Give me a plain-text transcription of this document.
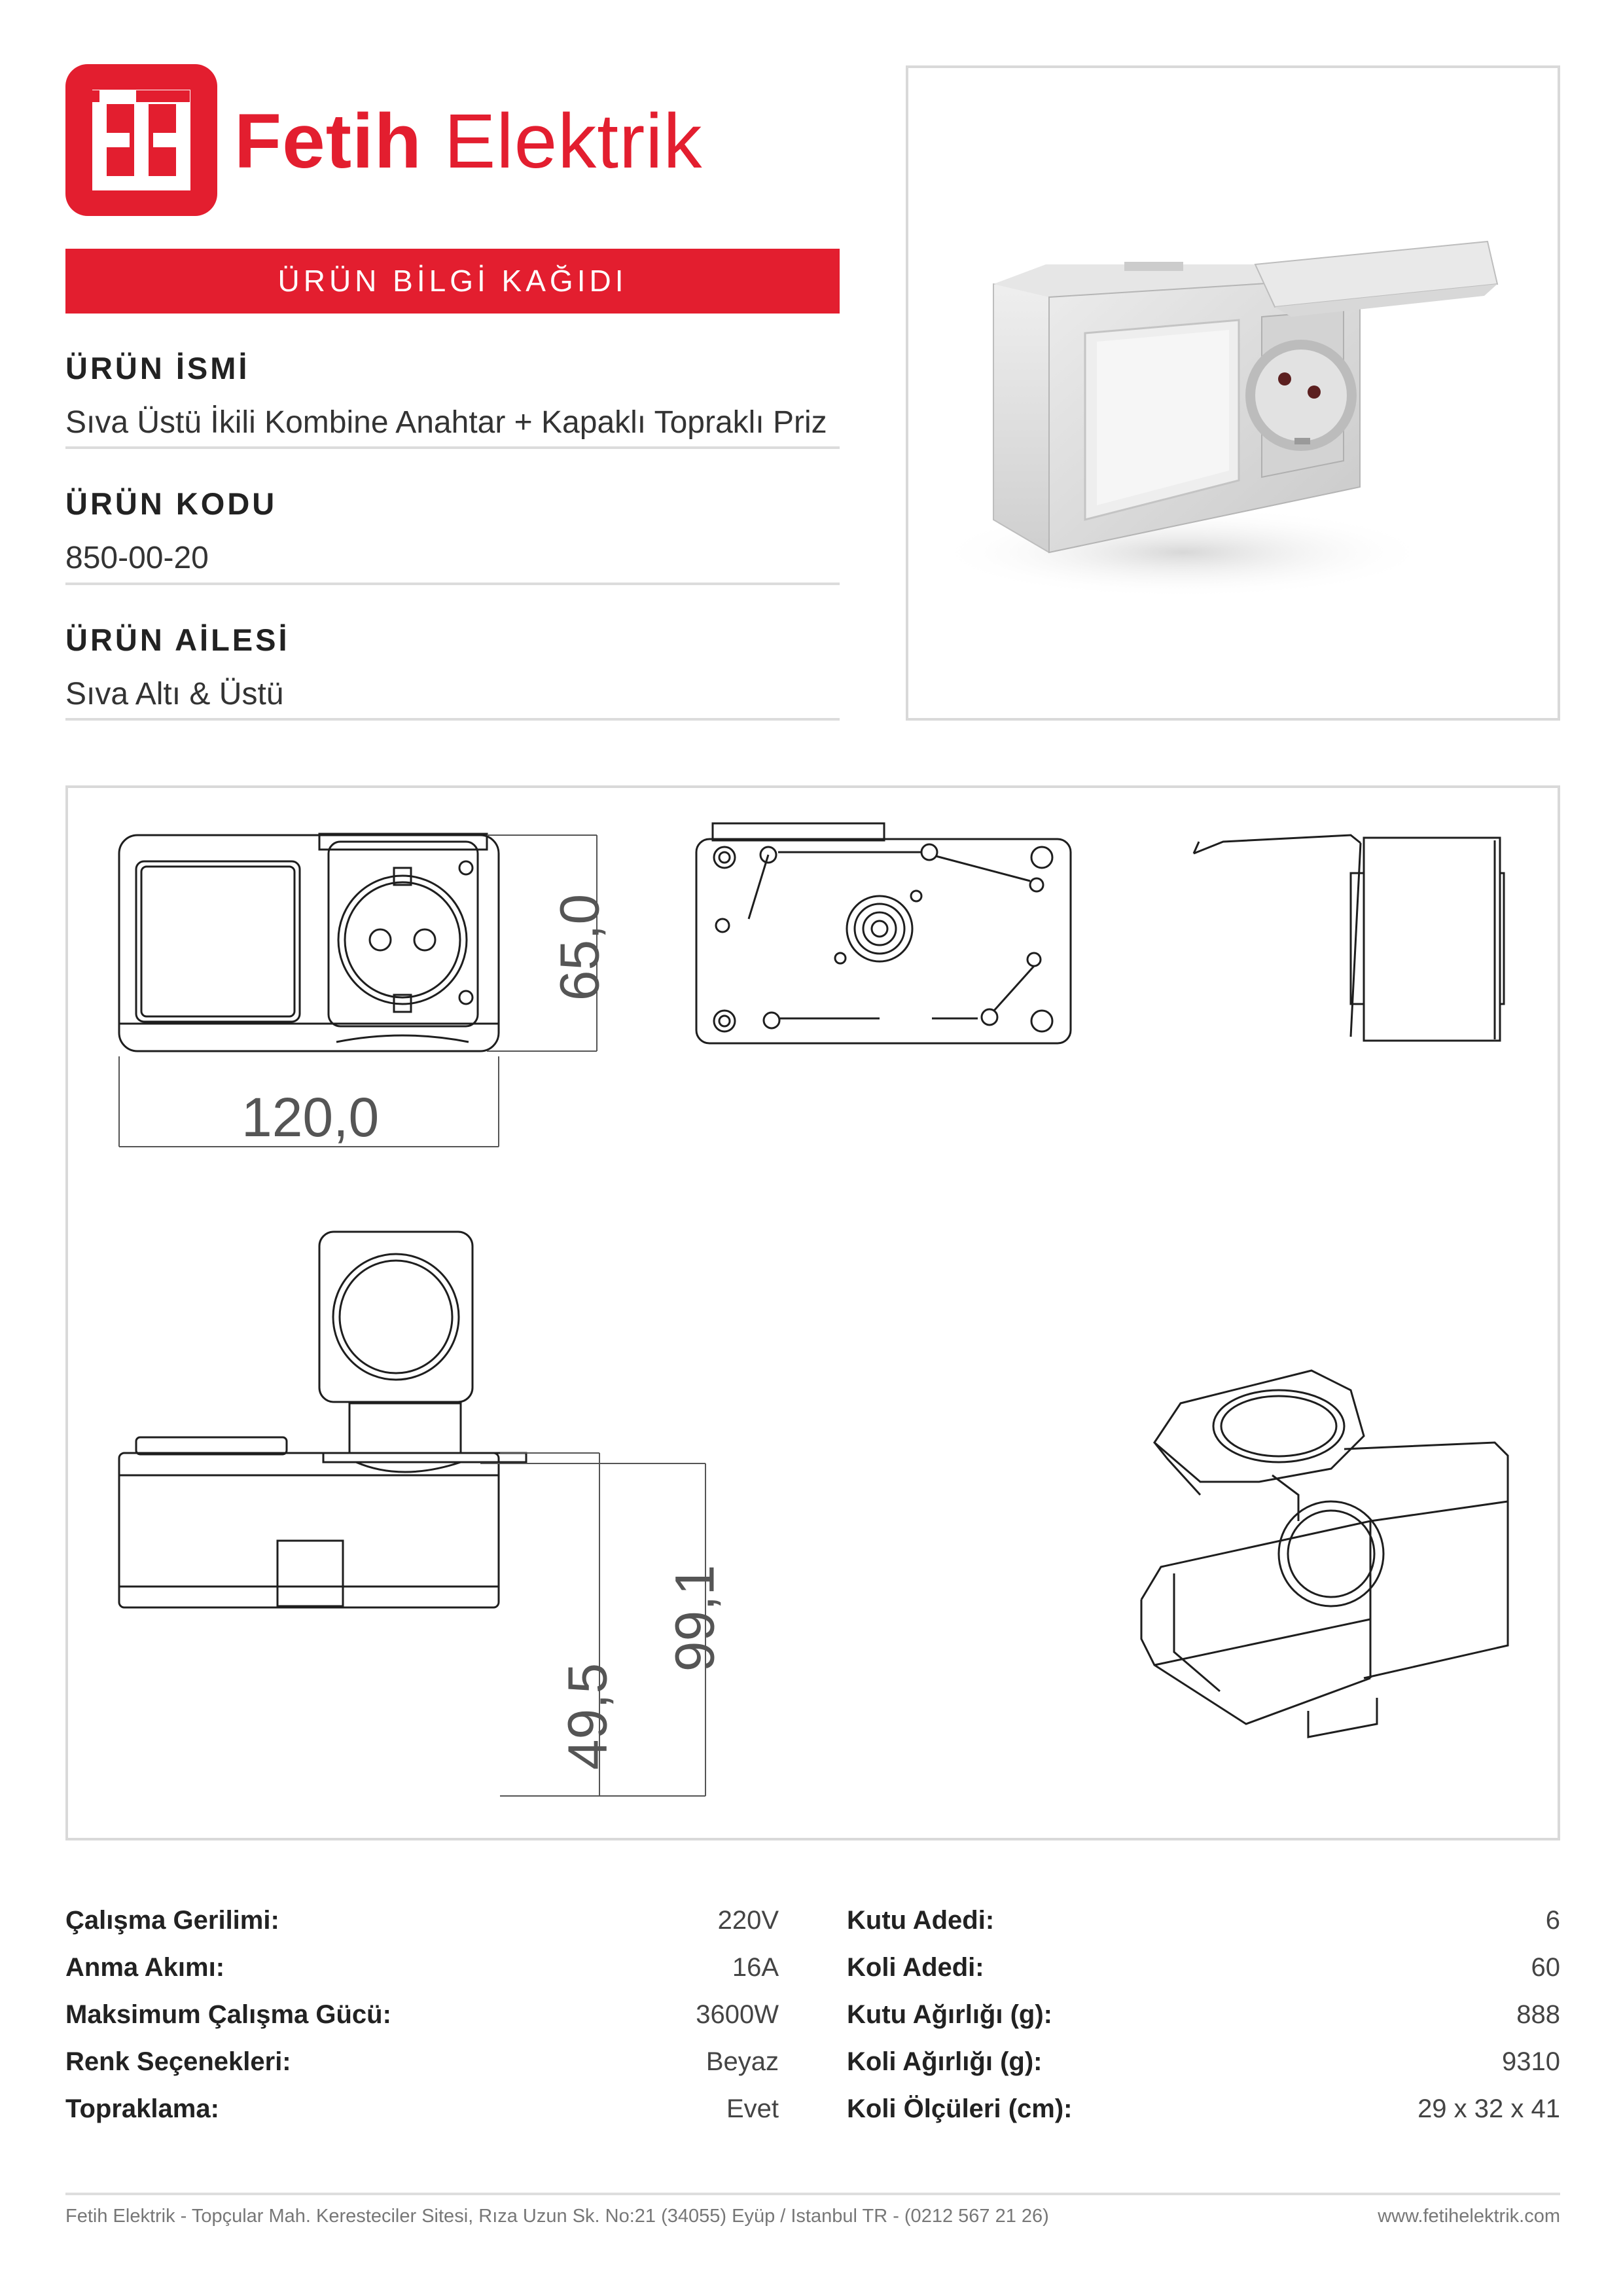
Fetih Elektrik
ÜRÜN BİLGİ KAĞIDI
ÜRÜN İSMİ
Sıva Üstü İkili Kombine Anahtar + Kapaklı Topraklı Priz
ÜRÜN KODU
850-00-20
ÜRÜN AİLESİ
Sıva Altı & Üstü
120,0
65,0
49,5
99,1
Çalışma Gerilimi:	220V
Anma Akımı:	16A
Maksimum Çalışma Gücü:	3600W
Renk Seçenekleri:	Beyaz
Topraklama:	Evet
Kutu Adedi:	6
Koli Adedi:	60
Kutu Ağırlığı (g):	888
Koli Ağırlığı (g):	9310
Koli Ölçüleri (cm):	29 x 32 x 41
Fetih Elektrik - Topçular Mah. Keresteciler Sitesi, Rıza Uzun Sk. No:21 (34055) Eyüp / Istanbul TR - (0212 567 21 26)	www.fetihelektrik.com
